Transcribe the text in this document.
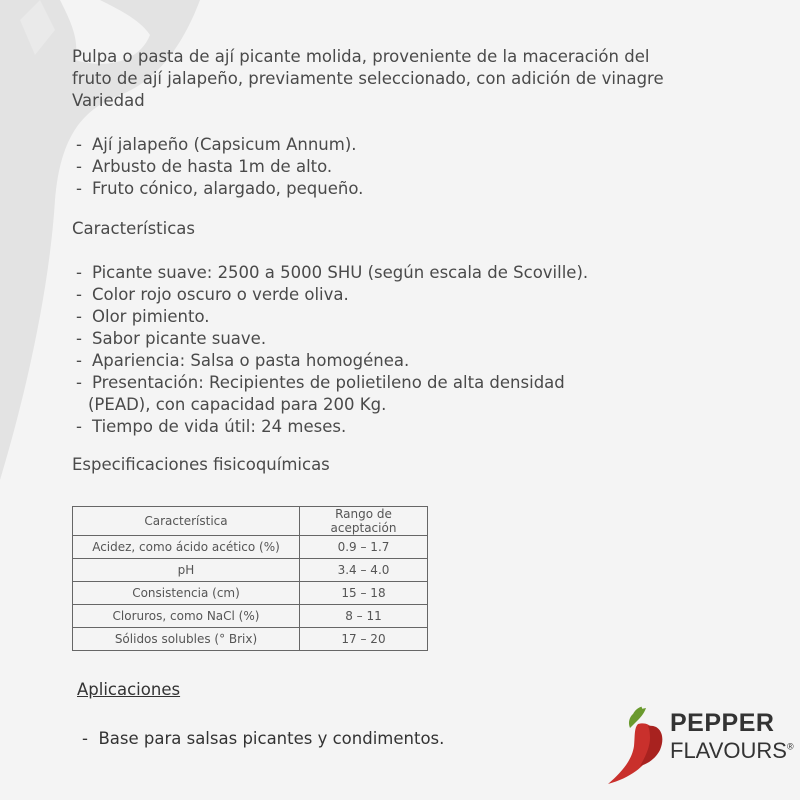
Pulpa o pasta de ají picante molida, proveniente de la maceración del

fruto de ají jalapeño, previamente seleccionado, con adición de vinagre

Variedad

- Ají jalapeño (Capsicum Annum).
- Arbusto de hasta 1m de alto.
- Fruto cónico, alargado, pequeño.
Características
- Picante suave: 2500 a 5000 SHU (según escala de Scoville).
- Color rojo oscuro o verde oliva.
- Olor pimiento.
- Sabor picante suave.
- Apariencia: Salsa o pasta homogénea.
- Presentación: Recipientes de polietileno de alta densidad
(PEAD), con capacidad para 200 Kg.
- Tiempo de vida útil: 24 meses.
Especificaciones fisicoquímicas
Característica	Rango de aceptación
Acidez, como ácido acético (%)	0.9 – 1.7
pH	3.4 – 4.0
Consistencia (cm)	15 – 18
Cloruros, como NaCl (%)	8 – 11
Sólidos solubles (° Brix)	17 – 20
Aplicaciones
-  Base para salsas picantes y condimentos.
PEPPER
FLAVOURS®
